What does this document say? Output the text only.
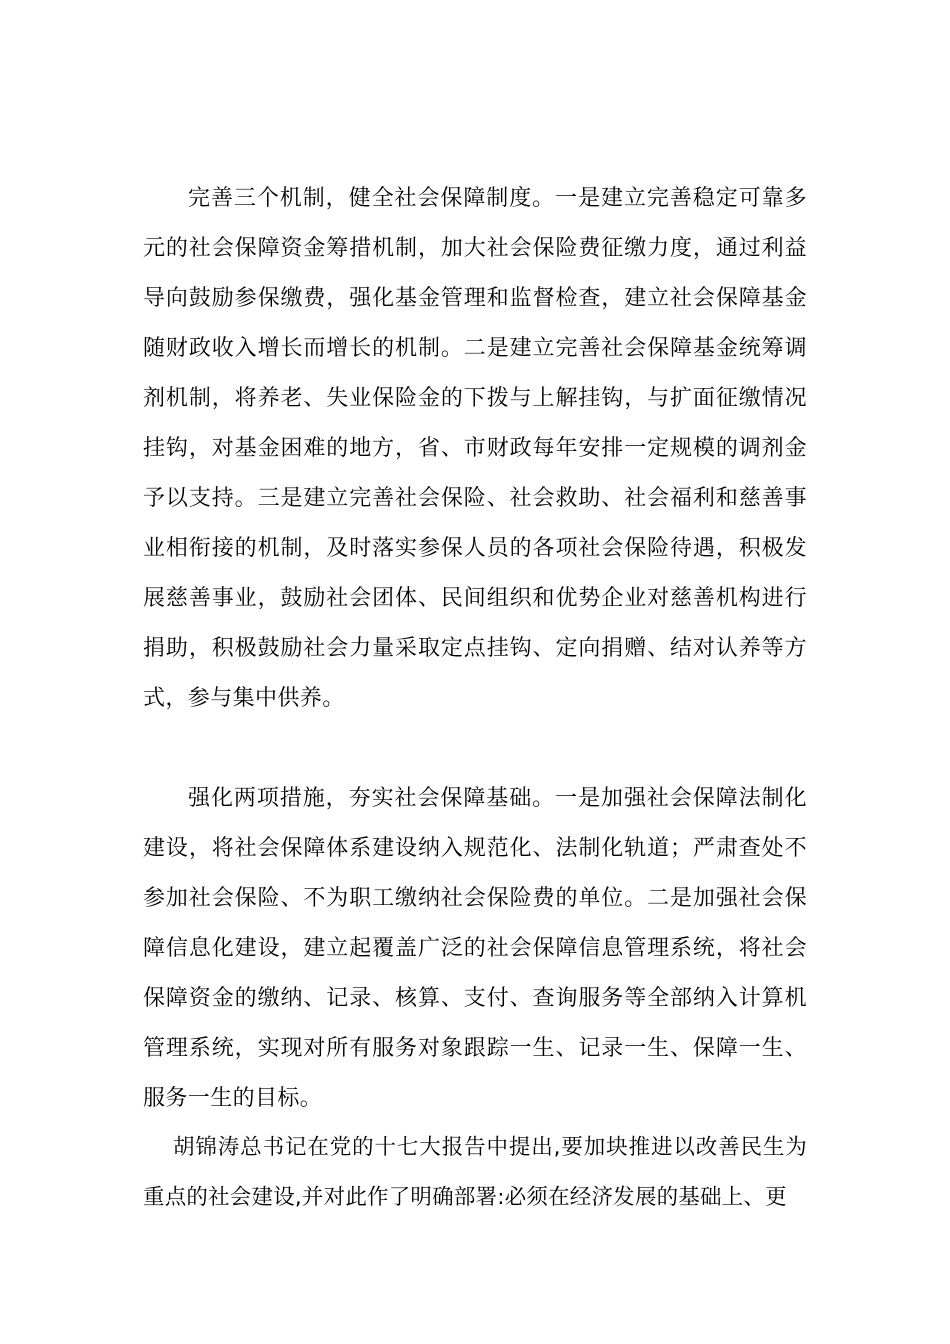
完善三个机制，健全社会保障制度。一是建立完善稳定可靠多元的社会保障资金筹措机制，加大社会保险费征缴力度，通过利益导向鼓励参保缴费，强化基金管理和监督检查，建立社会保障基金随财政收入增长而增长的机制。二是建立完善社会保障基金统筹调剂机制，将养老、失业保险金的下拨与上解挂钩，与扩面征缴情况挂钩，对基金困难的地方，省、市财政每年安排一定规模的调剂金予以支持。三是建立完善社会保险、社会救助、社会福利和慈善事业相衔接的机制，及时落实参保人员的各项社会保险待遇，积极发展慈善事业，鼓励社会团体、民间组织和优势企业对慈善机构进行捐助，积极鼓励社会力量采取定点挂钩、定向捐赠、结对认养等方式，参与集中供养。

强化两项措施，夯实社会保障基础。一是加强社会保障法制化建设，将社会保障体系建设纳入规范化、法制化轨道；严肃查处不参加社会保险、不为职工缴纳社会保险费的单位。二是加强社会保障信息化建设，建立起覆盖广泛的社会保障信息管理系统，将社会保障资金的缴纳、记录、核算、支付、查询服务等全部纳入计算机管理系统，实现对所有服务对象跟踪一生、记录一生、保障一生、服务一生的目标。

胡锦涛总书记在党的十七大报告中提出,要加块推进以改善民生为重点的社会建设,并对此作了明确部署:必须在经济发展的基础上、更
